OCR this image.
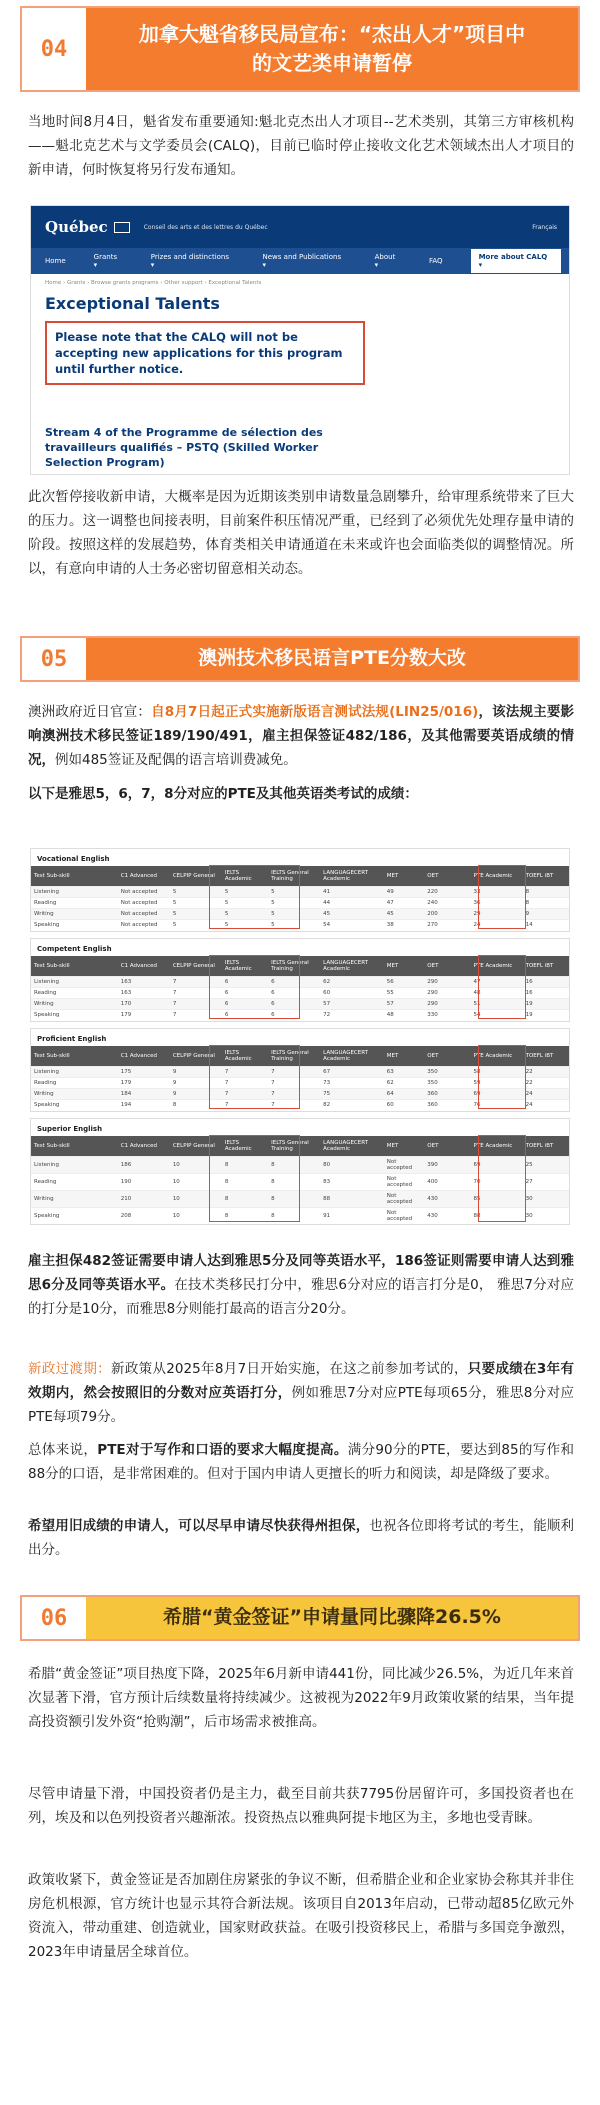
04
加拿大魁省移民局宣布：“杰出人才”项目中
的文艺类申请暂停

当地时间8月4日，魁省发布重要通知:魁北克杰出人才项目--艺术类别，其第三方审核机构——魁北克艺术与文学委员会(CALQ)，目前已临时停止接收文化艺术领域杰出人才项目的新申请，何时恢复将另行发布通知。

Québec	Conseil des arts et des lettres du Québec	Français
Home	Grants ▾
Prizes and distinctions ▾
News and Publications ▾
About ▾	FAQ	More about CALQ ▾
Home › Grants › Browse grants programs › Other support › Exceptional Talents
Exceptional Talents
Please note that the CALQ will not be accepting new applications for this program until further notice.
Stream 4 of the Programme de sélection des travailleurs qualifiés – PSTQ (Skilled Worker Selection Program)

此次暂停接收新申请，大概率是因为近期该类别申请数量急剧攀升，给审理系统带来了巨大的压力。这一调整也间接表明，目前案件积压情况严重，已经到了必须优先处理存量申请的阶段。按照这样的发展趋势，体育类相关申请通道在未来或许也会面临类似的调整情况。所以，有意向申请的人士务必密切留意相关动态。

05	澳洲技术移民语言PTE分数大改

澳洲政府近日官宣：自8月7日起正式实施新版语言测试法规(LIN25/016)，该法规主要影响澳洲技术移民签证189/190/491，雇主担保签证482/186，及其他需要英语成绩的情况，例如485签证及配偶的语言培训费减免。

以下是雅思5，6，7，8分对应的PTE及其他英语类考试的成绩：

Vocational English
Test Sub-skill	C1 Advanced	CELPIP General	IELTS Academic	IELTS General Training	LANGUAGECERT Academic	MET	OET	PTE Academic	TOEFL iBT
Listening	Not accepted	5	5	5	41	49	220	33	8
Reading	Not accepted	5	5	5	44	47	240	36	8
Writing	Not accepted	5	5	5	45	45	200	29	9
Speaking	Not accepted	5	5	5	54	38	270	24	14
Competent English
Test Sub-skill	C1 Advanced	CELPIP General	IELTS Academic	IELTS General Training	LANGUAGECERT Academic	MET	OET	PTE Academic	TOEFL iBT
Listening	163	7	6	6	62	56	290	47	16
Reading	163	7	6	6	60	55	290	48	16
Writing	170	7	6	6	57	57	290	51	19
Speaking	179	7	6	6	72	48	330	54	19
Proficient English
Test Sub-skill	C1 Advanced	CELPIP General	IELTS Academic	IELTS General Training	LANGUAGECERT Academic	MET	OET	PTE Academic	TOEFL iBT
Listening	175	9	7	7	67	63	350	58	22
Reading	179	9	7	7	73	62	350	59	22
Writing	184	9	7	7	75	64	360	69	24
Speaking	194	8	7	7	82	60	360	76	24
Superior English
Test Sub-skill	C1 Advanced	CELPIP General	IELTS Academic	IELTS General Training	LANGUAGECERT Academic	MET	OET	PTE Academic	TOEFL iBT
Listening	186	10	8	8	80	Not accepted	390	69	25
Reading	190	10	8	8	83	Not accepted	400	70	27
Writing	210	10	8	8	88	Not accepted	430	85	30
Speaking	208	10	8	8	91	Not accepted	430	88	30

雇主担保482签证需要申请人达到雅思5分及同等英语水平，186签证则需要申请人达到雅思6分及同等英语水平。在技术类移民打分中，雅思6分对应的语言打分是0， 雅思7分对应的打分是10分，而雅思8分则能打最高的语言分20分。

新政过渡期：新政策从2025年8月7日开始实施，在这之前参加考试的，只要成绩在3年有效期内，然会按照旧的分数对应英语打分，例如雅思7分对应PTE每项65分，雅思8分对应PTE每项79分。

总体来说，PTE对于写作和口语的要求大幅度提高。满分90分的PTE，要达到85的写作和88分的口语，是非常困难的。但对于国内申请人更擅长的听力和阅读，却是降级了要求。

希望用旧成绩的申请人，可以尽早申请尽快获得州担保，也祝各位即将考试的考生，能顺利出分。

06	希腊“黄金签证”申请量同比骤降26.5%

希腊“黄金签证”项目热度下降，2025年6月新申请441份，同比减少26.5%，为近几年来首次显著下滑，官方预计后续数量将持续减少。这被视为2022年9月政策收紧的结果，当年提高投资额引发外资“抢购潮”，后市场需求被推高。

尽管申请量下滑，中国投资者仍是主力，截至目前共获7795份居留许可，多国投资者也在列，埃及和以色列投资者兴趣渐浓。投资热点以雅典阿提卡地区为主，多地也受青睐。

政策收紧下，黄金签证是否加剧住房紧张的争议不断，但希腊企业和企业家协会称其并非住房危机根源，官方统计也显示其符合新法规。该项目自2013年启动，已带动超85亿欧元外资流入，带动重建、创造就业，国家财政获益。在吸引投资移民上，希腊与多国竞争激烈，2023年申请量居全球首位。
